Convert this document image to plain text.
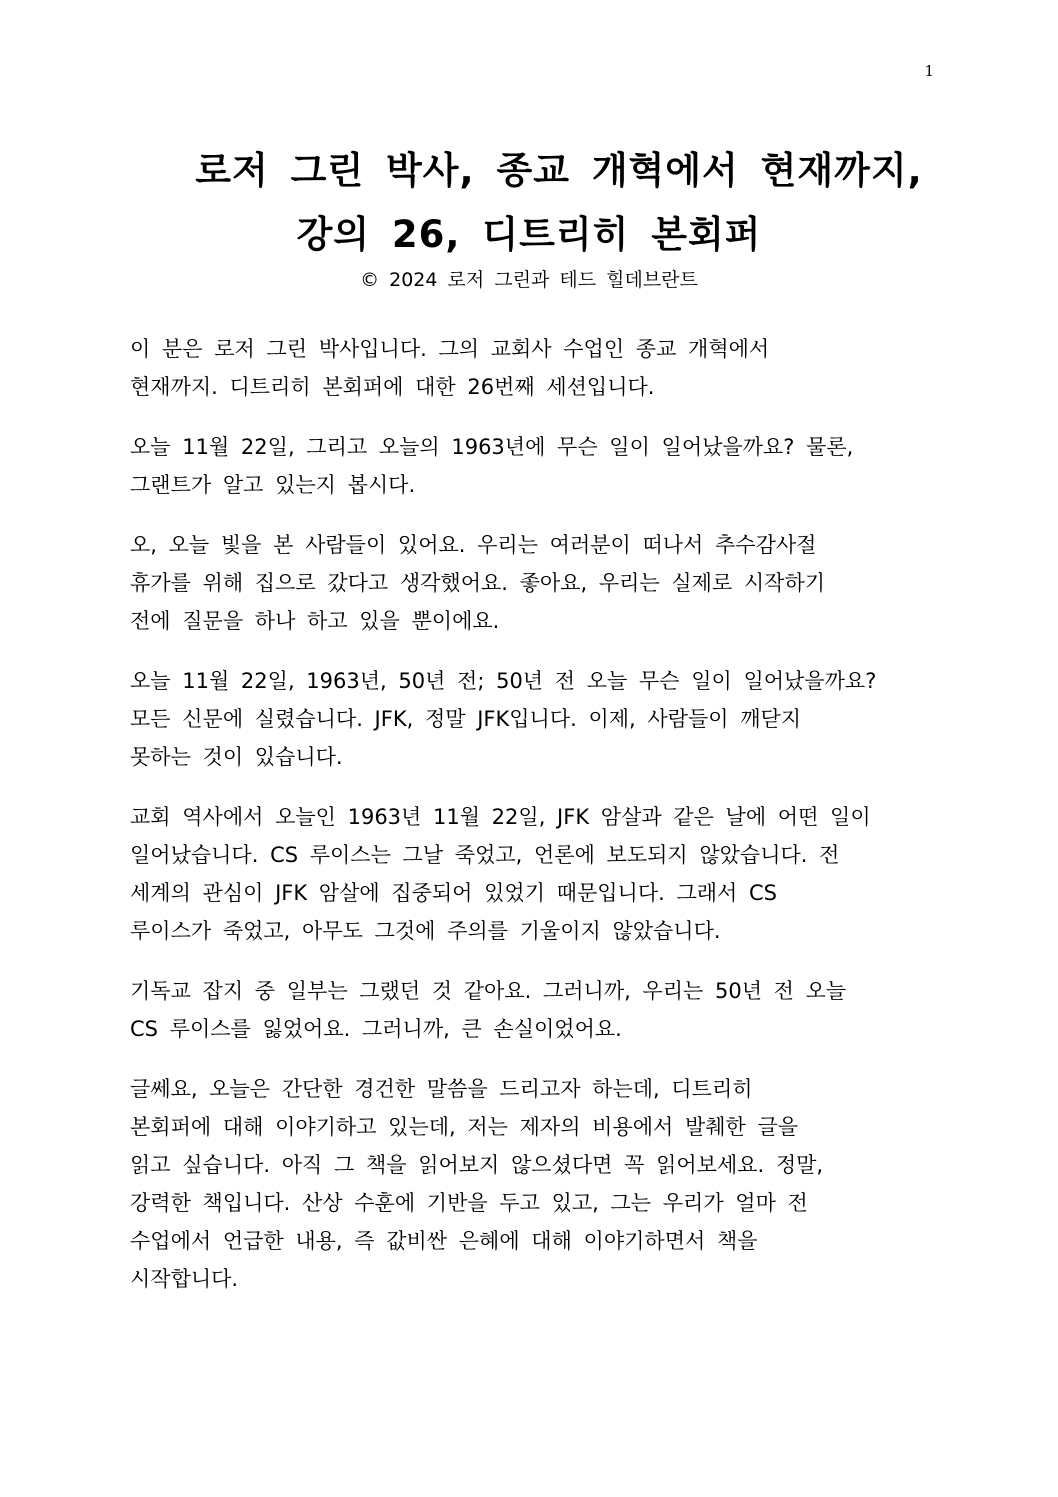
1
로저 그린 박사, 종교 개혁에서 현재까지,
강의 26, 디트리히 본회퍼
© 2024 로저 그린과 테드 힐데브란트

이 분은 로저 그린 박사입니다. 그의 교회사 수업인 종교 개혁에서
현재까지. 디트리히 본회퍼에 대한 26번째 세션입니다.

오늘 11월 22일, 그리고 오늘의 1963년에 무슨 일이 일어났을까요? 물론,
그랜트가 알고 있는지 봅시다.

오, 오늘 빛을 본 사람들이 있어요. 우리는 여러분이 떠나서 추수감사절
휴가를 위해 집으로 갔다고 생각했어요. 좋아요, 우리는 실제로 시작하기
전에 질문을 하나 하고 있을 뿐이에요.

오늘 11월 22일, 1963년, 50년 전; 50년 전 오늘 무슨 일이 일어났을까요?
모든 신문에 실렸습니다. JFK, 정말 JFK입니다. 이제, 사람들이 깨닫지
못하는 것이 있습니다.

교회 역사에서 오늘인 1963년 11월 22일, JFK 암살과 같은 날에 어떤 일이
일어났습니다. CS 루이스는 그날 죽었고, 언론에 보도되지 않았습니다. 전
세계의 관심이 JFK 암살에 집중되어 있었기 때문입니다. 그래서 CS
루이스가 죽었고, 아무도 그것에 주의를 기울이지 않았습니다.

기독교 잡지 중 일부는 그랬던 것 같아요. 그러니까, 우리는 50년 전 오늘
CS 루이스를 잃었어요. 그러니까, 큰 손실이었어요.

글쎄요, 오늘은 간단한 경건한 말씀을 드리고자 하는데, 디트리히
본회퍼에 대해 이야기하고 있는데, 저는 제자의 비용에서 발췌한 글을
읽고 싶습니다. 아직 그 책을 읽어보지 않으셨다면 꼭 읽어보세요. 정말,
강력한 책입니다. 산상 수훈에 기반을 두고 있고, 그는 우리가 얼마 전
수업에서 언급한 내용, 즉 값비싼 은혜에 대해 이야기하면서 책을
시작합니다.
